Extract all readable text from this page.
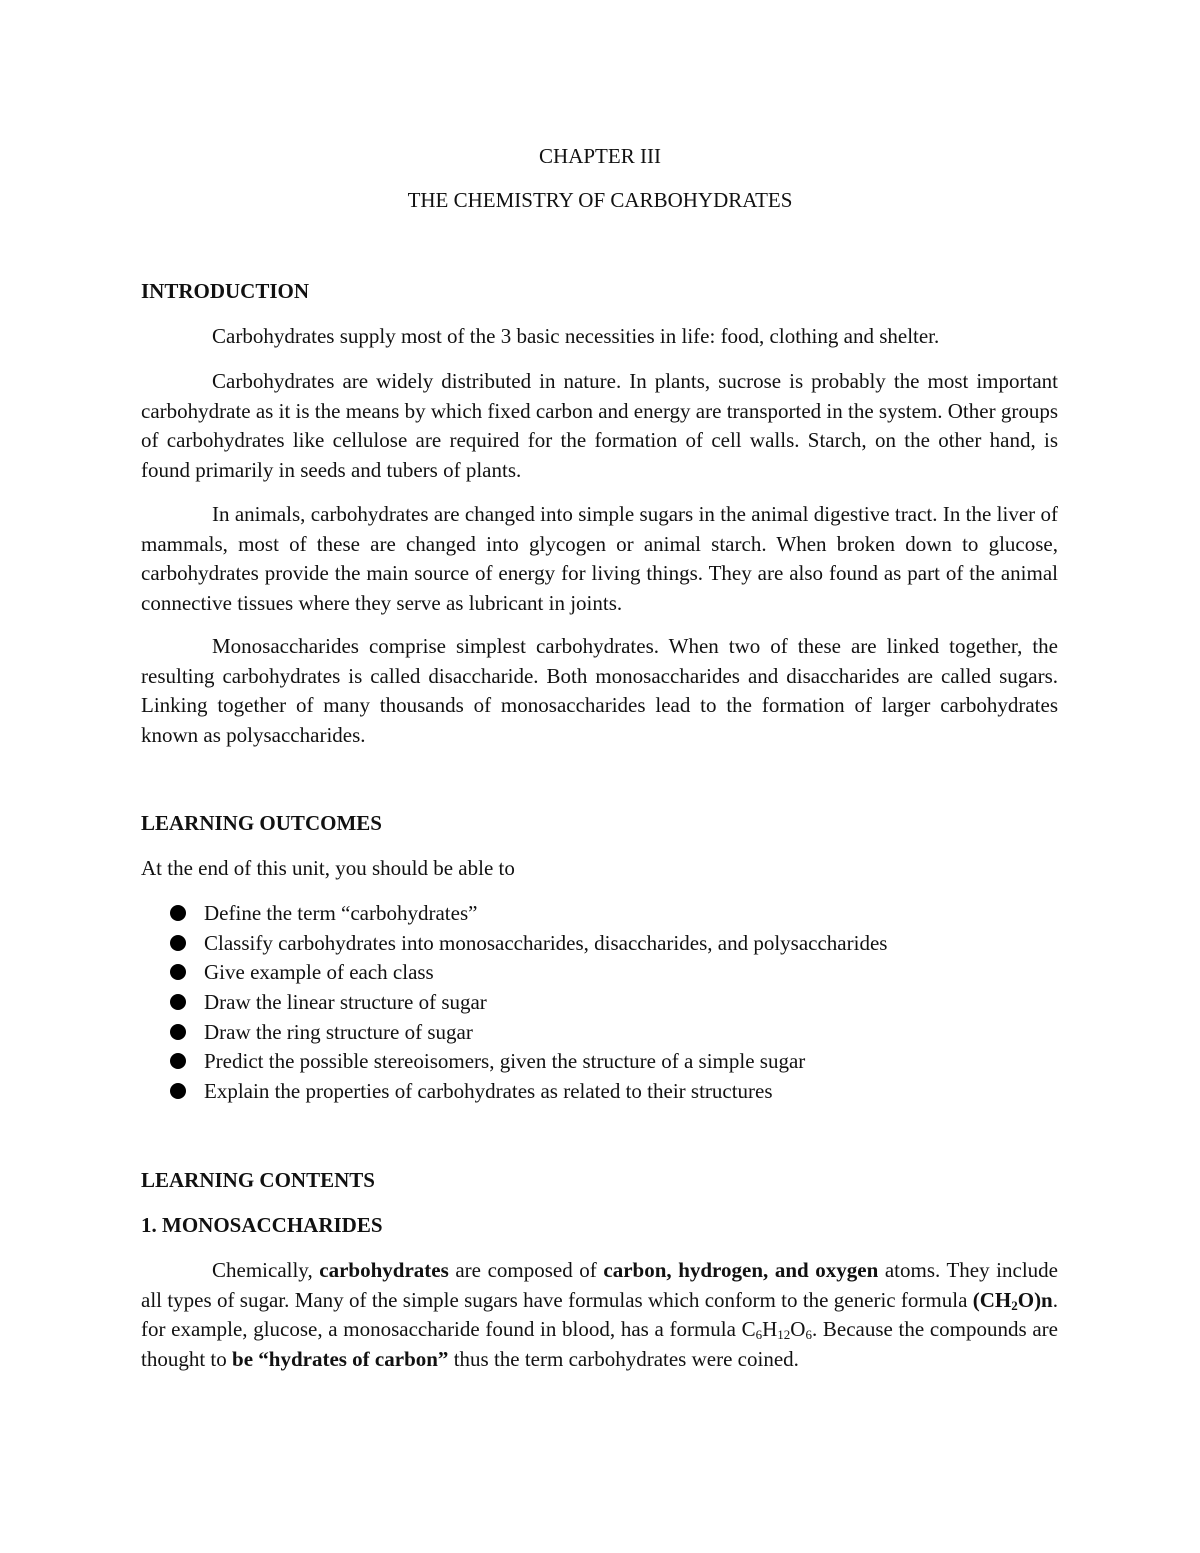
CHAPTER III
THE CHEMISTRY OF CARBOHYDRATES
INTRODUCTION
Carbohydrates supply most of the 3 basic necessities in life: food, clothing and shelter.
Carbohydrates are widely distributed in nature. In plants, sucrose is probably the most important carbohydrate as it is the means by which fixed carbon and energy are transported in the system. Other groups of carbohydrates like cellulose are required for the formation of cell walls. Starch, on the other hand, is found primarily in seeds and tubers of plants.
In animals, carbohydrates are changed into simple sugars in the animal digestive tract. In the liver of mammals, most of these are changed into glycogen or animal starch. When broken down to glucose, carbohydrates provide the main source of energy for living things. They are also found as part of the animal connective tissues where they serve as lubricant in joints.
Monosaccharides comprise simplest carbohydrates. When two of these are linked together, the resulting carbohydrates is called disaccharide. Both monosaccharides and disaccharides are called sugars. Linking together of many thousands of monosaccharides lead to the formation of larger carbohydrates known as polysaccharides.
LEARNING OUTCOMES
At the end of this unit, you should be able to
Define the term “carbohydrates”
Classify carbohydrates into monosaccharides, disaccharides, and polysaccharides
Give example of each class
Draw the linear structure of sugar
Draw the ring structure of sugar
Predict the possible stereoisomers, given the structure of a simple sugar
Explain the properties of carbohydrates as related to their structures
LEARNING CONTENTS
1. MONOSACCHARIDES
Chemically, carbohydrates are composed of carbon, hydrogen, and oxygen atoms. They include all types of sugar. Many of the simple sugars have formulas which conform to the generic formula $(CH_2O)n$. for example, glucose, a monosaccharide found in blood, has a formula $C_6H_{12}O_6$. Because the compounds are thought to be “hydrates of carbon” thus the term carbohydrates were coined.
